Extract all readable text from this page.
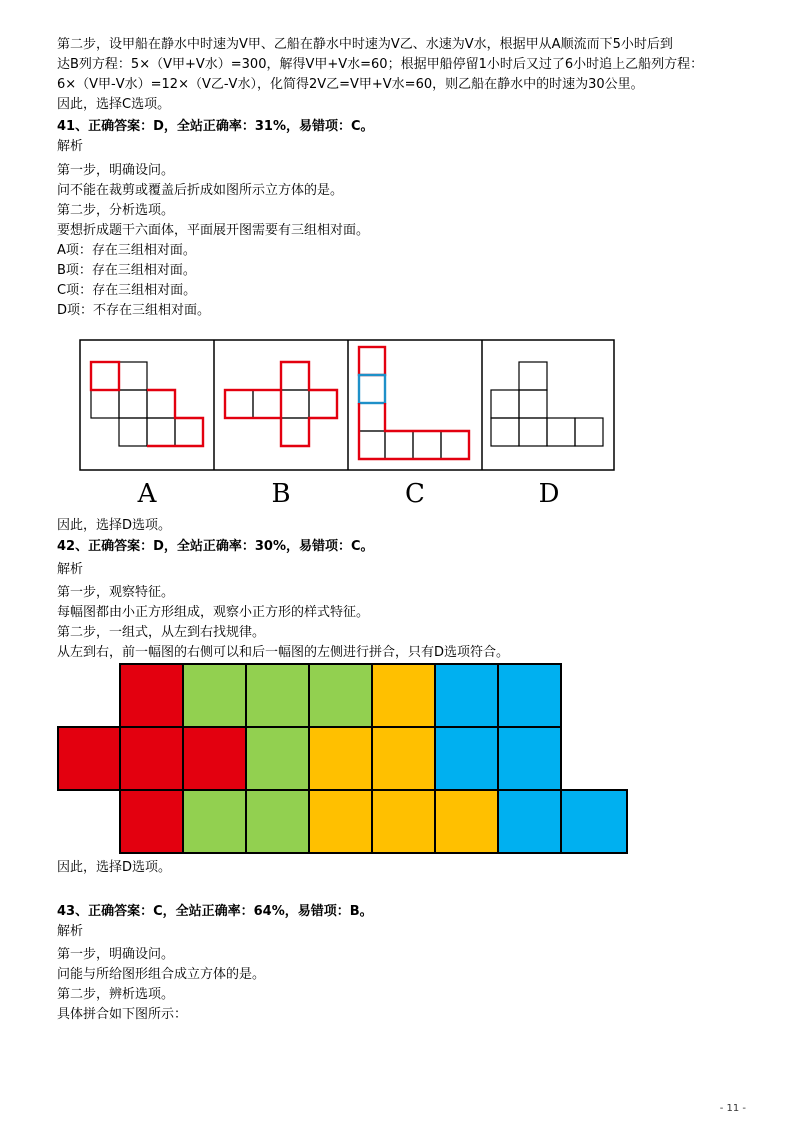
第二步，设甲船在静水中时速为V甲、乙船在静水中时速为V乙、水速为V水，根据甲从A顺流而下5小时后到
达B列方程：5×（V甲+V水）=300，解得V甲+V水=60；根据甲船停留1小时后又过了6小时追上乙船列方程：
6×（V甲-V水）=12×（V乙-V水），化简得2V乙=V甲+V水=60，则乙船在静水中的时速为30公里。
因此，选择C选项。
41、正确答案：D，全站正确率：31%，易错项：C。
解析
第一步，明确设问。
问不能在裁剪或覆盖后折成如图所示立方体的是。
第二步，分析选项。
要想折成题干六面体，平面展开图需要有三组相对面。
A项：存在三组相对面。
B项：存在三组相对面。
C项：存在三组相对面。
D项：不存在三组相对面。
A	B	C	D
因此，选择D选项。
42、正确答案：D，全站正确率：30%，易错项：C。
解析
第一步，观察特征。
每幅图都由小正方形组成，观察小正方形的样式特征。
第二步，一组式，从左到右找规律。
从左到右，前一幅图的右侧可以和后一幅图的左侧进行拼合，只有D选项符合。
因此，选择D选项。
43、正确答案：C，全站正确率：64%，易错项：B。
解析
第一步，明确设问。
问能与所给图形组合成立方体的是。
第二步，辨析选项。
具体拼合如下图所示：
- 11 -
